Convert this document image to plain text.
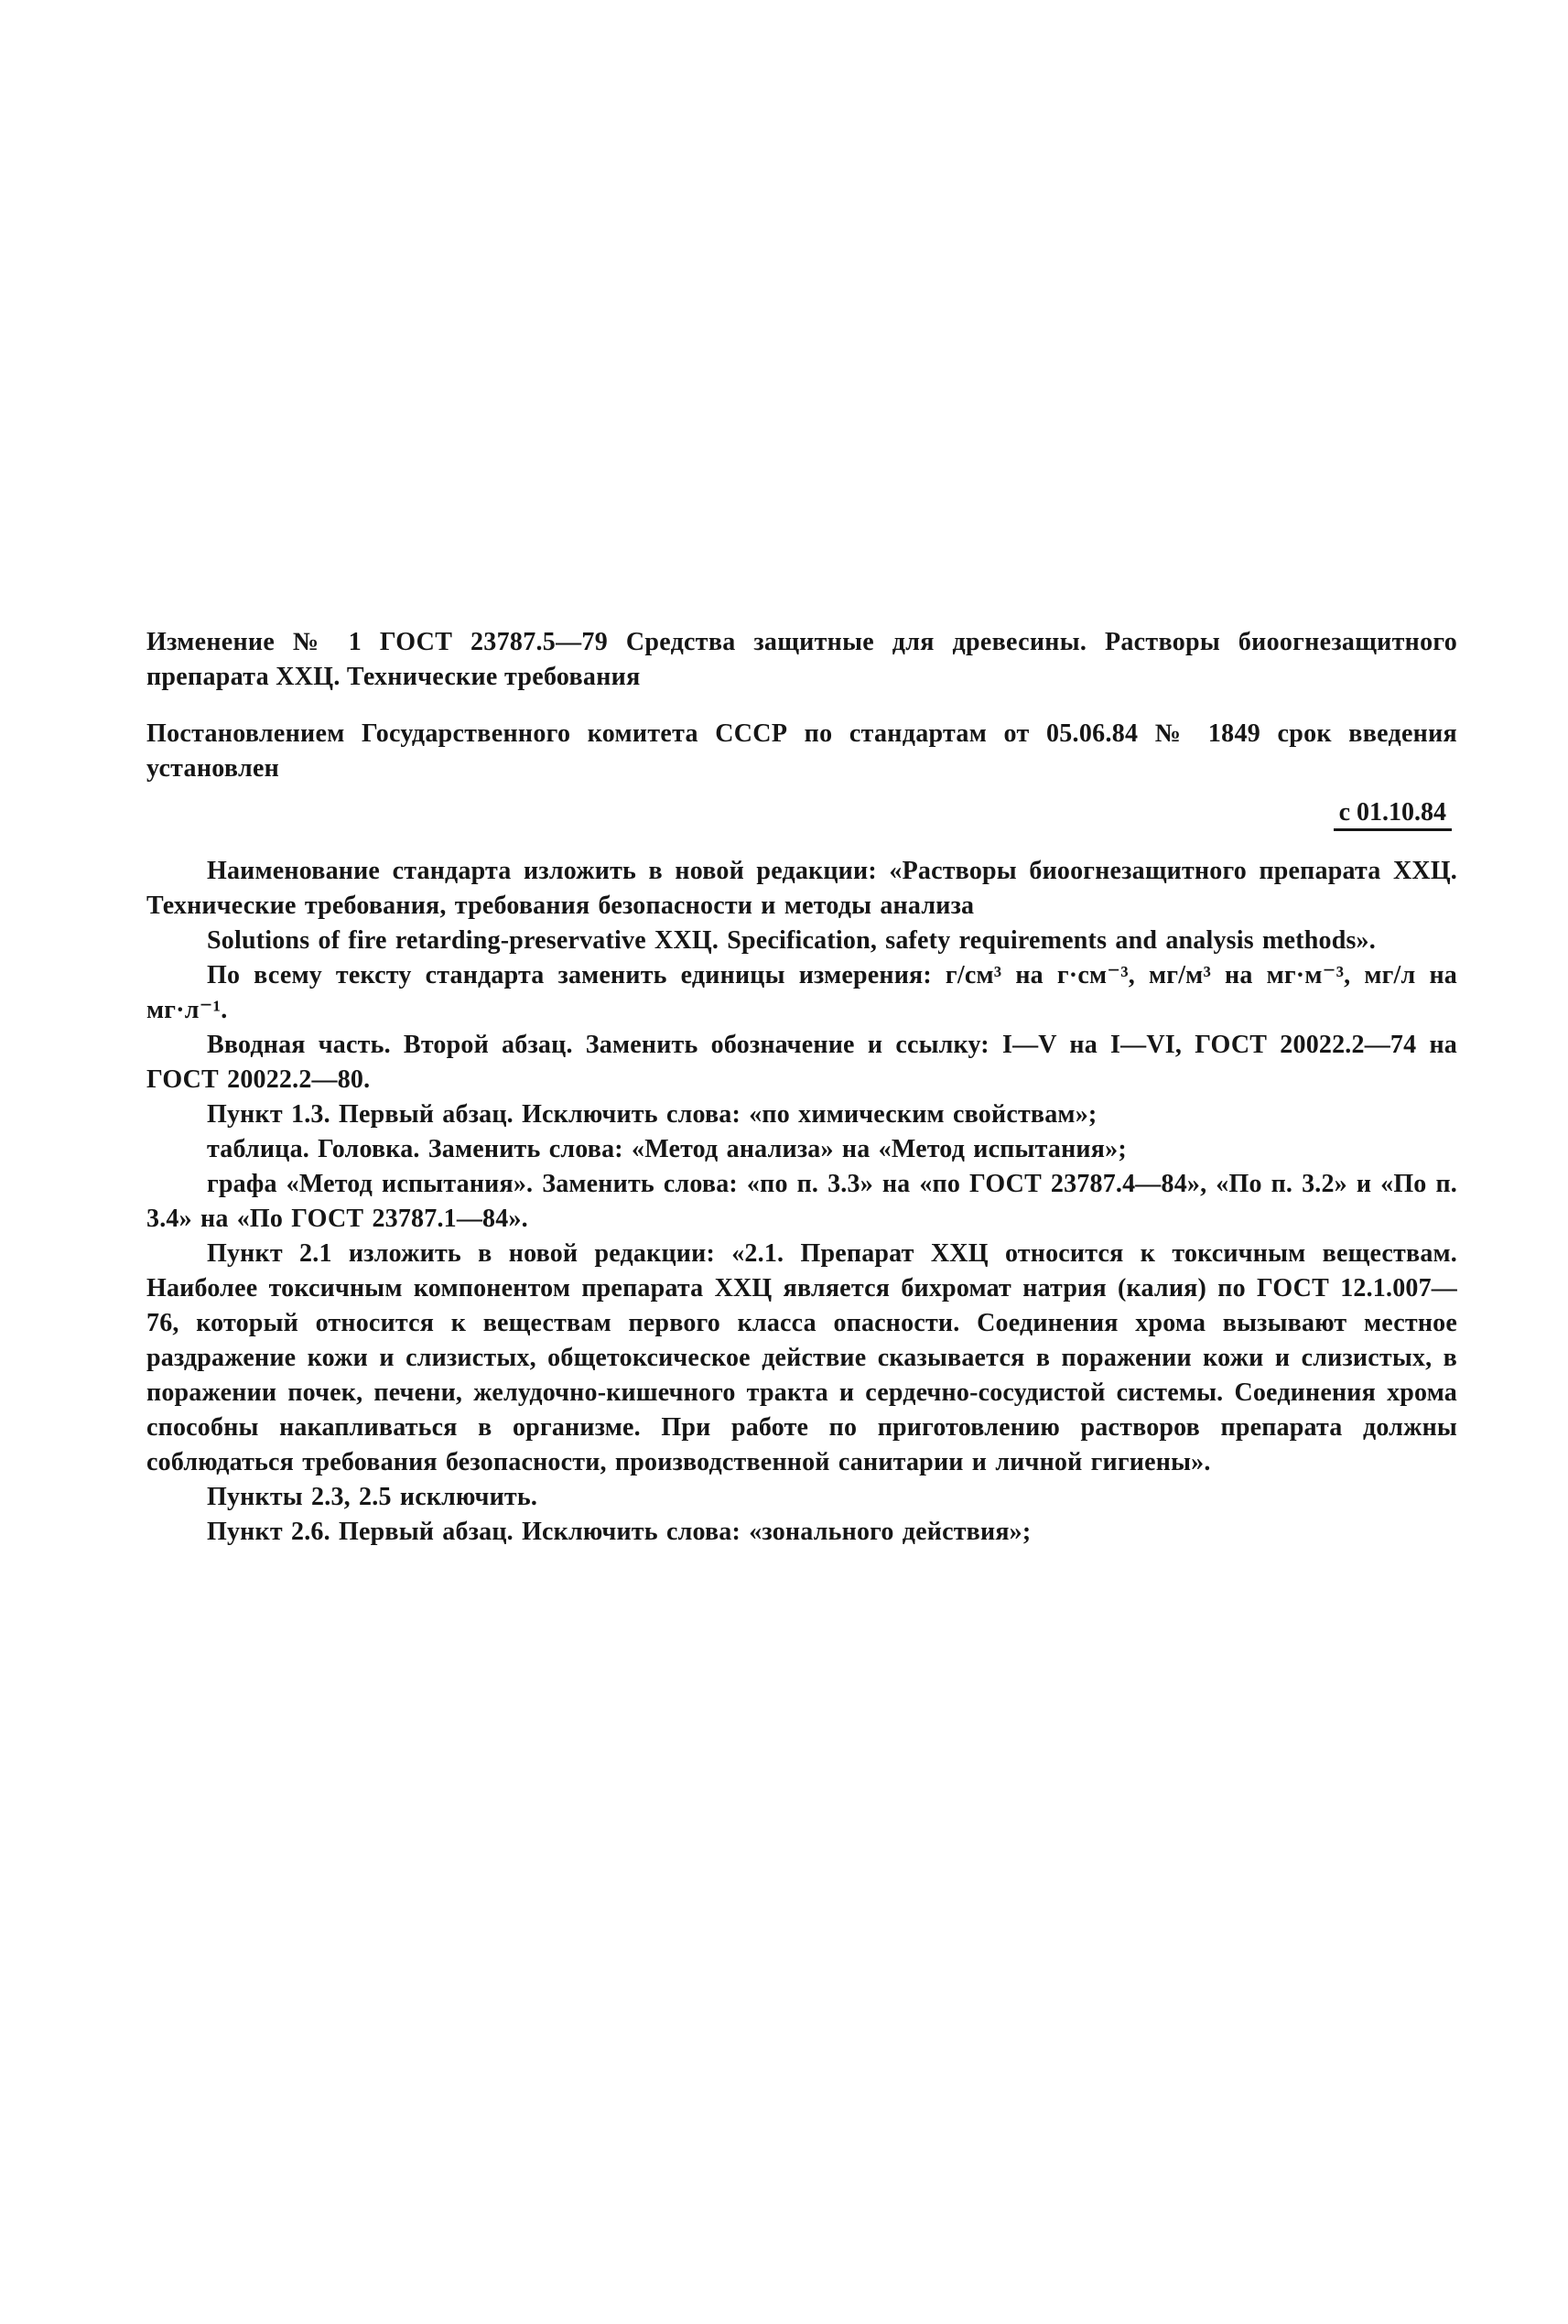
Изменение № 1 ГОСТ 23787.5—79 Средства защитные для древесины. Растворы биоогнезащитного препарата ХХЦ. Технические требования

Постановлением Государственного комитета СССР по стандартам от 05.06.84 № 1849 срок введения установлен

с 01.10.84

Наименование стандарта изложить в новой редакции: «Растворы биоогнезащитного препарата ХХЦ. Технические требования, требования безопасности и методы анализа

Solutions of fire retarding-preservative ХХЦ. Specification, safety requirements and analysis methods».

По всему тексту стандарта заменить единицы измерения: г/см³ на г·см⁻³, мг/м³ на мг·м⁻³, мг/л на мг·л⁻¹.

Вводная часть. Второй абзац. Заменить обозначение и ссылку: I—V на I—VI, ГОСТ 20022.2—74 на ГОСТ 20022.2—80.

Пункт 1.3. Первый абзац. Исключить слова: «по химическим свойствам»;

таблица. Головка. Заменить слова: «Метод анализа» на «Метод испытания»;

графа «Метод испытания». Заменить слова: «по п. 3.3» на «по ГОСТ 23787.4—84», «По п. 3.2» и «По п. 3.4» на «По ГОСТ 23787.1—84».

Пункт 2.1 изложить в новой редакции: «2.1. Препарат ХХЦ относится к токсичным веществам. Наиболее токсичным компонентом препарата ХХЦ является бихромат натрия (калия) по ГОСТ 12.1.007—76, который относится к веществам первого класса опасности. Соединения хрома вызывают местное раздражение кожи и слизистых, общетоксическое действие сказывается в поражении кожи и слизистых, в поражении почек, печени, желудочно-кишечного тракта и сердечно-сосудистой системы. Соединения хрома способны накапливаться в организме. При работе по приготовлению растворов препарата должны соблюдаться требования безопасности, производственной санитарии и личной гигиены».

Пункты 2.3, 2.5 исключить.

Пункт 2.6. Первый абзац. Исключить слова: «зонального действия»;
